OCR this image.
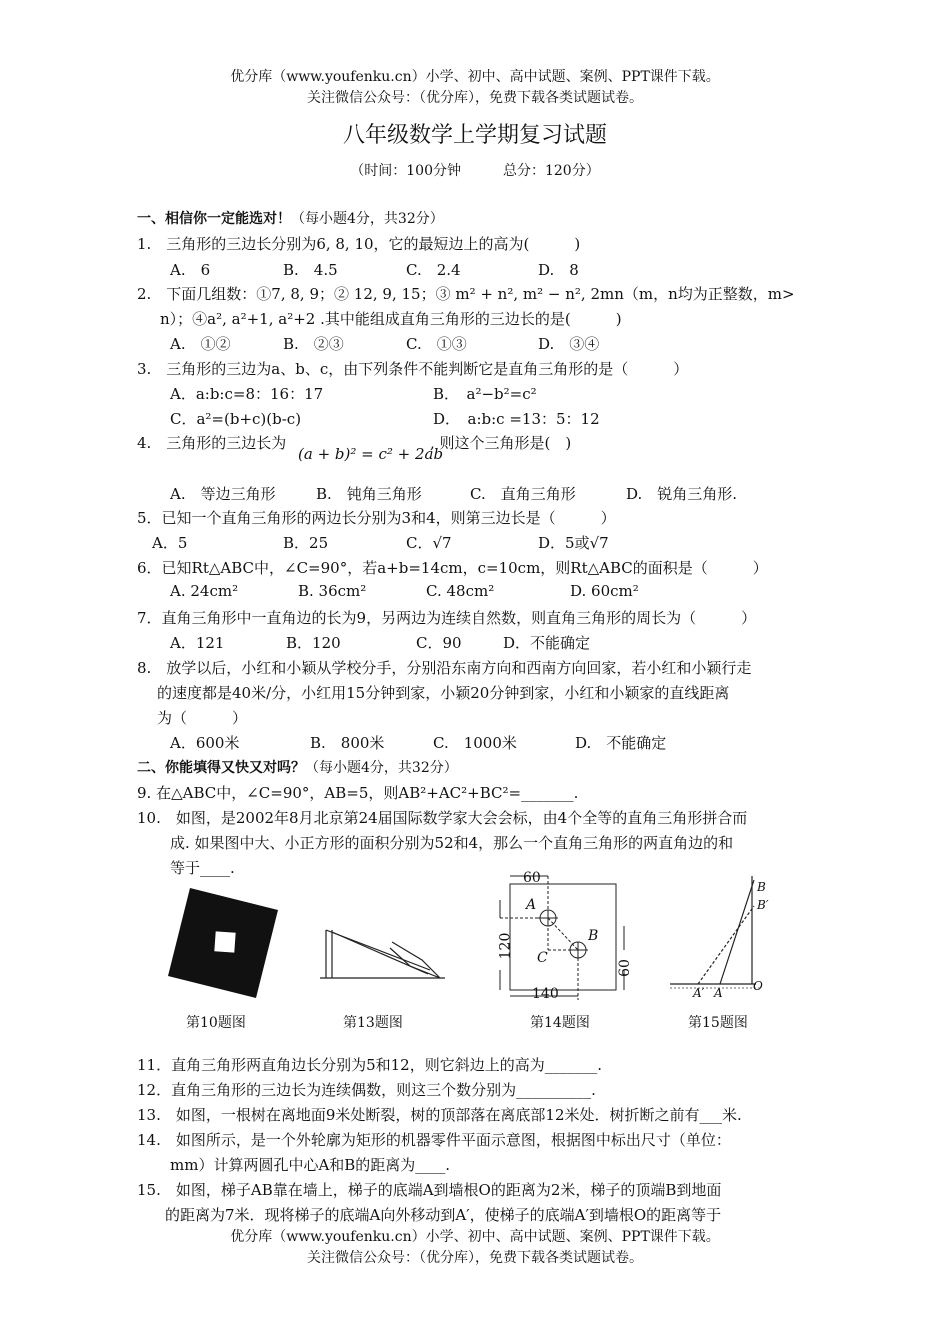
优分库（www.youfenku.cn）小学、初中、高中试题、案例、PPT课件下载。
关注微信公众号：（优分库），免费下载各类试题试卷。
八年级数学上学期复习试题
（时间：100分钟　　　总分：120分）
一、相信你一定能选对！（每小题4分，共32分）
1.　三角形的三边长分别为6, 8, 10，它的最短边上的高为(　　　)
A.　6	B.　4.5	C.　2.4	D.　8
2.　下面几组数：①7, 8, 9；② 12, 9, 15；③ m² + n², m² − n², 2mn（m，n均为正整数，m>
n）；④a², a²+1, a²+2 .其中能组成直角三角形的三边长的是(　　　)
A.　①②	B.　②③	C.　①③	D.　③④
3.　三角形的三边为a、b、c，由下列条件不能判断它是直角三角形的是（　　　）
A．a:b:c=8：16：17	B．　a²−b²=c²
C．a²=(b+c)(b-c)	D．　a:b:c =13：5：12
4.　三角形的三边长为
(a + b)² = c² + 2ab
, 则这个三角形是(　)
A.　等边三角形	B.　钝角三角形	C.　直角三角形	D.　锐角三角形.
5．已知一个直角三角形的两边长分别为3和4，则第三边长是（　　　）
A．5	B．25	C．√7	D．5或√7
6．已知Rt△ABC中，∠C=90°，若a+b=14cm，c=10cm，则Rt△ABC的面积是（　　　）
A. 24cm²	B. 36cm²	C. 48cm²	D. 60cm²
7．直角三角形中一直角边的长为9，另两边为连续自然数，则直角三角形的周长为（　　　）
A．121	B．120	C．90	D．不能确定
8.　放学以后，小红和小颖从学校分手，分别沿东南方向和西南方向回家，若小红和小颖行走
的速度都是40米/分，小红用15分钟到家，小颖20分钟到家，小红和小颖家的直线距离
为（　　　）
A．600米	B.　800米	C.　1000米	D.　不能确定
二、你能填得又快又对吗？（每小题4分，共32分）
9. 在△ABC中，∠C=90°，AB=5，则AB²+AC²+BC²=_______.
10.　如图，是2002年8月北京第24届国际数学家大会会标，由4个全等的直角三角形拼合而
成. 如果图中大、小正方形的面积分别为52和4，那么一个直角三角形的两直角边的和
等于____.
60
120
140
60
A
B
C
B
B′
A′ A	O
第10题图	第13题图	第14题图	第15题图
11．直角三角形两直角边长分别为5和12，则它斜边上的高为_______.
12．直角三角形的三边长为连续偶数，则这三个数分别为__________.
13.　如图，一根树在离地面9米处断裂，树的顶部落在离底部12米处．树折断之前有___米.
14.　如图所示，是一个外轮廓为矩形的机器零件平面示意图，根据图中标出尺寸（单位：
mm）计算两圆孔中心A和B的距离为____.
15.　如图，梯子AB靠在墙上，梯子的底端A到墙根O的距离为2米，梯子的顶端B到地面
的距离为7米．现将梯子的底端A向外移动到A′，使梯子的底端A′到墙根O的距离等于
优分库（www.youfenku.cn）小学、初中、高中试题、案例、PPT课件下载。
关注微信公众号：（优分库），免费下载各类试题试卷。
